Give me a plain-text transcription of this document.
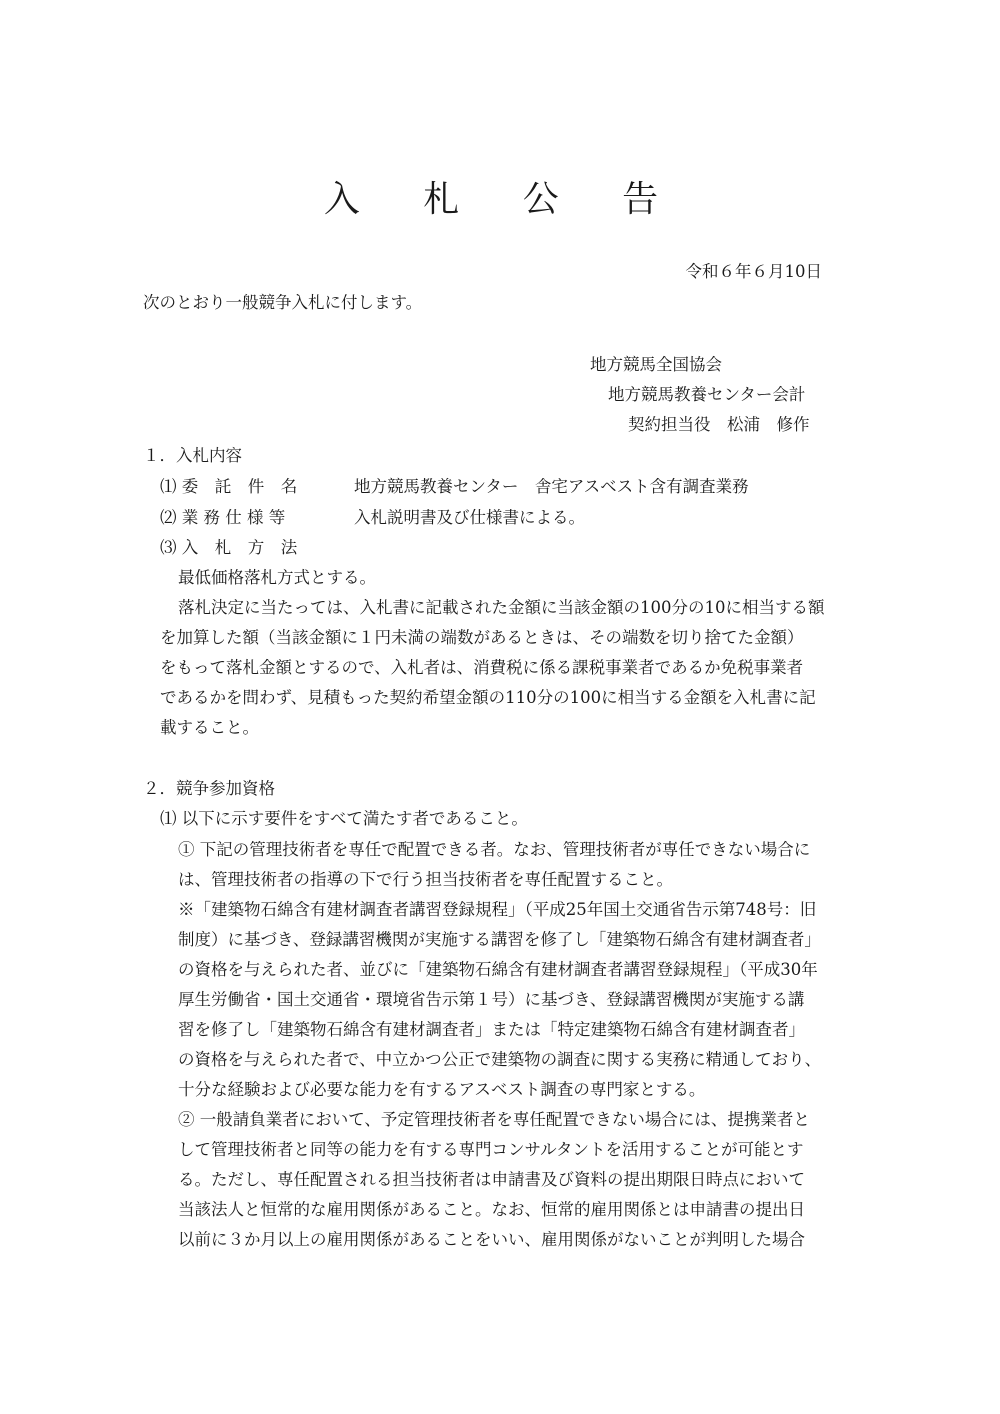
入 札 公 告
令和６年６月10日
次のとおり一般競争入札に付します。
地方競馬全国協会
地方競馬教養センター会計
契約担当役　松浦　修作
１．入札内容
⑴ 委　託　件　名	地方競馬教養センター　舎宅アスベスト含有調査業務
⑵ 業 務 仕 様 等	入札説明書及び仕様書による。
⑶ 入　札　方　法
最低価格落札方式とする。
落札決定に当たっては、入札書に記載された金額に当該金額の100分の10に相当する額
を加算した額（当該金額に１円未満の端数があるときは、その端数を切り捨てた金額）
をもって落札金額とするので、入札者は、消費税に係る課税事業者であるか免税事業者
であるかを問わず、見積もった契約希望金額の110分の100に相当する金額を入札書に記
載すること。
２．競争参加資格
⑴ 以下に示す要件をすべて満たす者であること。
① 下記の管理技術者を専任で配置できる者。なお、管理技術者が専任できない場合に
は、管理技術者の指導の下で行う担当技術者を専任配置すること。
※「建築物石綿含有建材調査者講習登録規程」（平成25年国土交通省告示第748号：旧
制度）に基づき、登録講習機関が実施する講習を修了し「建築物石綿含有建材調査者」
の資格を与えられた者、並びに「建築物石綿含有建材調査者講習登録規程」（平成30年
厚生労働省・国土交通省・環境省告示第１号）に基づき、登録講習機関が実施する講
習を修了し「建築物石綿含有建材調査者」または「特定建築物石綿含有建材調査者」
の資格を与えられた者で、中立かつ公正で建築物の調査に関する実務に精通しており、
十分な経験および必要な能力を有するアスベスト調査の専門家とする。
② 一般請負業者において、予定管理技術者を専任配置できない場合には、提携業者と
して管理技術者と同等の能力を有する専門コンサルタントを活用することが可能とす
る。ただし、専任配置される担当技術者は申請書及び資料の提出期限日時点において
当該法人と恒常的な雇用関係があること。なお、恒常的雇用関係とは申請書の提出日
以前に３か月以上の雇用関係があることをいい、雇用関係がないことが判明した場合
